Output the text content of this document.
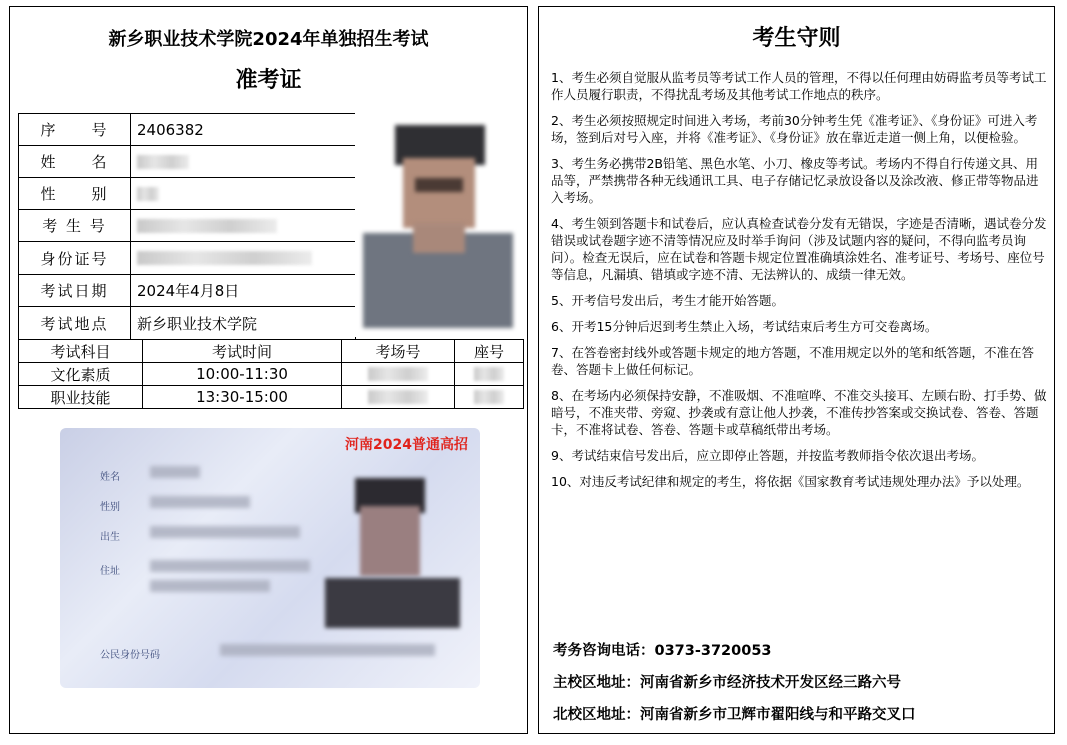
新乡职业技术学院2024年单独招生考试
准考证
序　　号	2406382
姓　　名
性　　别
考 生 号
身份证号
考试日期	2024年4月8日
考试地点	新乡职业技术学院
考试科目	考试时间	考场号	座号
文化素质	10:00-11:30
职业技能	13:30-15:00
河南2024普通高招
姓名
性别
出生
住址
公民身份号码
考生守则

1、考生必须自觉服从监考员等考试工作人员的管理，不得以任何理由妨碍监考员等考试工作人员履行职责，不得扰乱考场及其他考试工作地点的秩序。

2、考生必须按照规定时间进入考场，考前30分钟考生凭《准考证》、《身份证》可进入考场，签到后对号入座，并将《准考证》、《身份证》放在靠近走道一侧上角，以便检验。

3、考生务必携带2B铅笔、黑色水笔、小刀、橡皮等考试。考场内不得自行传递文具、用品等，严禁携带各种无线通讯工具、电子存储记忆录放设备以及涂改液、修正带等物品进入考场。

4、考生领到答题卡和试卷后，应认真检查试卷分发有无错误，字迹是否清晰，遇试卷分发错误或试卷题字迹不清等情况应及时举手询问（涉及试题内容的疑问，不得向监考员询问）。检查无误后，应在试卷和答题卡规定位置准确填涂姓名、准考证号、考场号、座位号等信息，凡漏填、错填或字迹不清、无法辨认的、成绩一律无效。

5、开考信号发出后，考生才能开始答题。

6、开考15分钟后迟到考生禁止入场，考试结束后考生方可交卷离场。

7、在答卷密封线外或答题卡规定的地方答题，不准用规定以外的笔和纸答题，不准在答卷、答题卡上做任何标记。

8、在考场内必须保持安静，不准吸烟、不准喧哗、不准交头接耳、左顾右盼、打手势、做暗号，不准夹带、旁窥、抄袭或有意让他人抄袭，不准传抄答案或交换试卷、答卷、答题卡，不准将试卷、答卷、答题卡或草稿纸带出考场。

9、考试结束信号发出后，应立即停止答题，并按监考教师指令依次退出考场。

10、对违反考试纪律和规定的考生，将依据《国家教育考试违规处理办法》予以处理。

考务咨询电话：0373-3720053
主校区地址：河南省新乡市经济技术开发区经三路六号
北校区地址：河南省新乡市卫辉市翟阳线与和平路交叉口
